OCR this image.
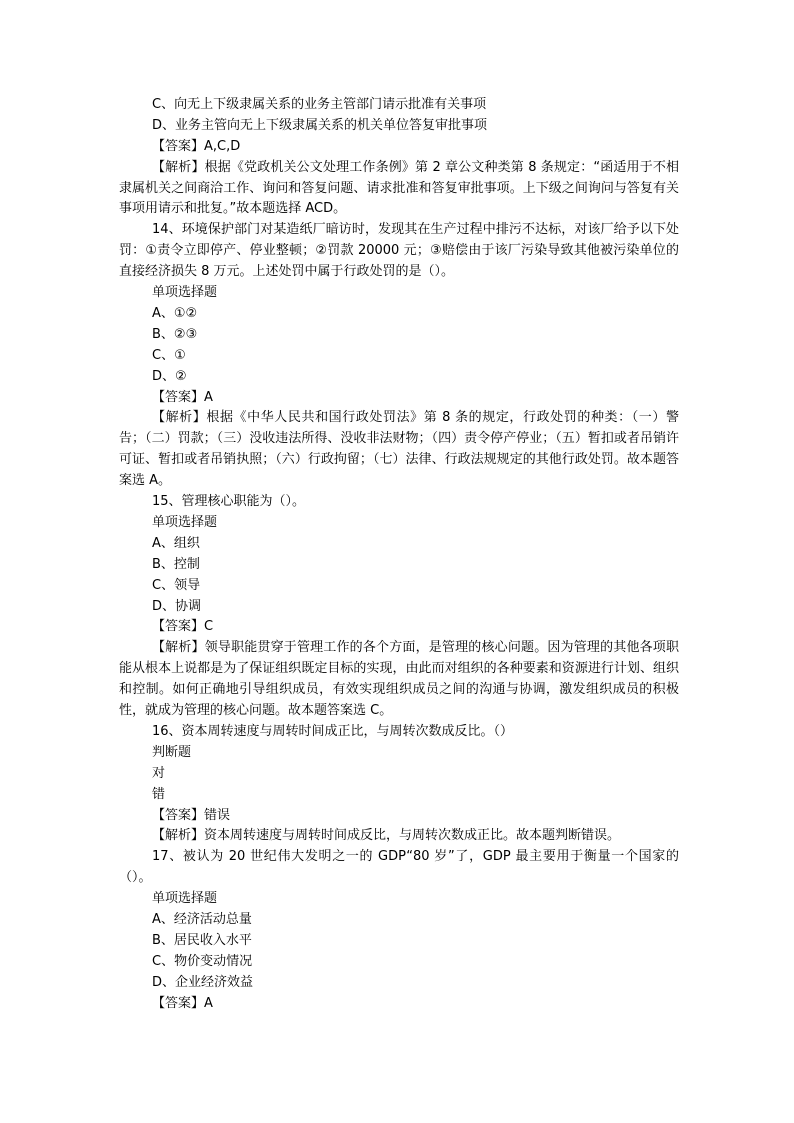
C、向无上下级隶属关系的业务主管部门请示批准有关事项
D、业务主管向无上下级隶属关系的机关单位答复审批事项
【答案】A,C,D
【解析】根据《党政机关公文处理工作条例》第 2 章公文种类第 8 条规定：“函适用于不相隶属机关之间商洽工作、询问和答复问题、请求批准和答复审批事项。上下级之间询问与答复有关事项用请示和批复。”故本题选择 ACD。
14、环境保护部门对某造纸厂暗访时，发现其在生产过程中排污不达标，对该厂给予以下处罚：①责令立即停产、停业整顿；②罚款 20000 元；③赔偿由于该厂污染导致其他被污染单位的直接经济损失 8 万元。上述处罚中属于行政处罚的是（）。
单项选择题
A、①②
B、②③
C、①
D、②
【答案】A
【解析】根据《中华人民共和国行政处罚法》第 8 条的规定，行政处罚的种类：（一）警告；（二）罚款；（三）没收违法所得、没收非法财物；（四）责令停产停业；（五）暂扣或者吊销许可证、暂扣或者吊销执照；（六）行政拘留；（七）法律、行政法规规定的其他行政处罚。故本题答案选 A。
15、管理核心职能为（）。
单项选择题
A、组织
B、控制
C、领导
D、协调
【答案】C
【解析】领导职能贯穿于管理工作的各个方面，是管理的核心问题。因为管理的其他各项职能从根本上说都是为了保证组织既定目标的实现，由此而对组织的各种要素和资源进行计划、组织和控制。如何正确地引导组织成员，有效实现组织成员之间的沟通与协调，激发组织成员的积极性，就成为管理的核心问题。故本题答案选 C。
16、资本周转速度与周转时间成正比，与周转次数成反比。（）
判断题
对
错
【答案】错误
【解析】资本周转速度与周转时间成反比，与周转次数成正比。故本题判断错误。
17、被认为 20 世纪伟大发明之一的 GDP“80 岁”了，GDP 最主要用于衡量一个国家的（）。
单项选择题
A、经济活动总量
B、居民收入水平
C、物价变动情况
D、企业经济效益
【答案】A
